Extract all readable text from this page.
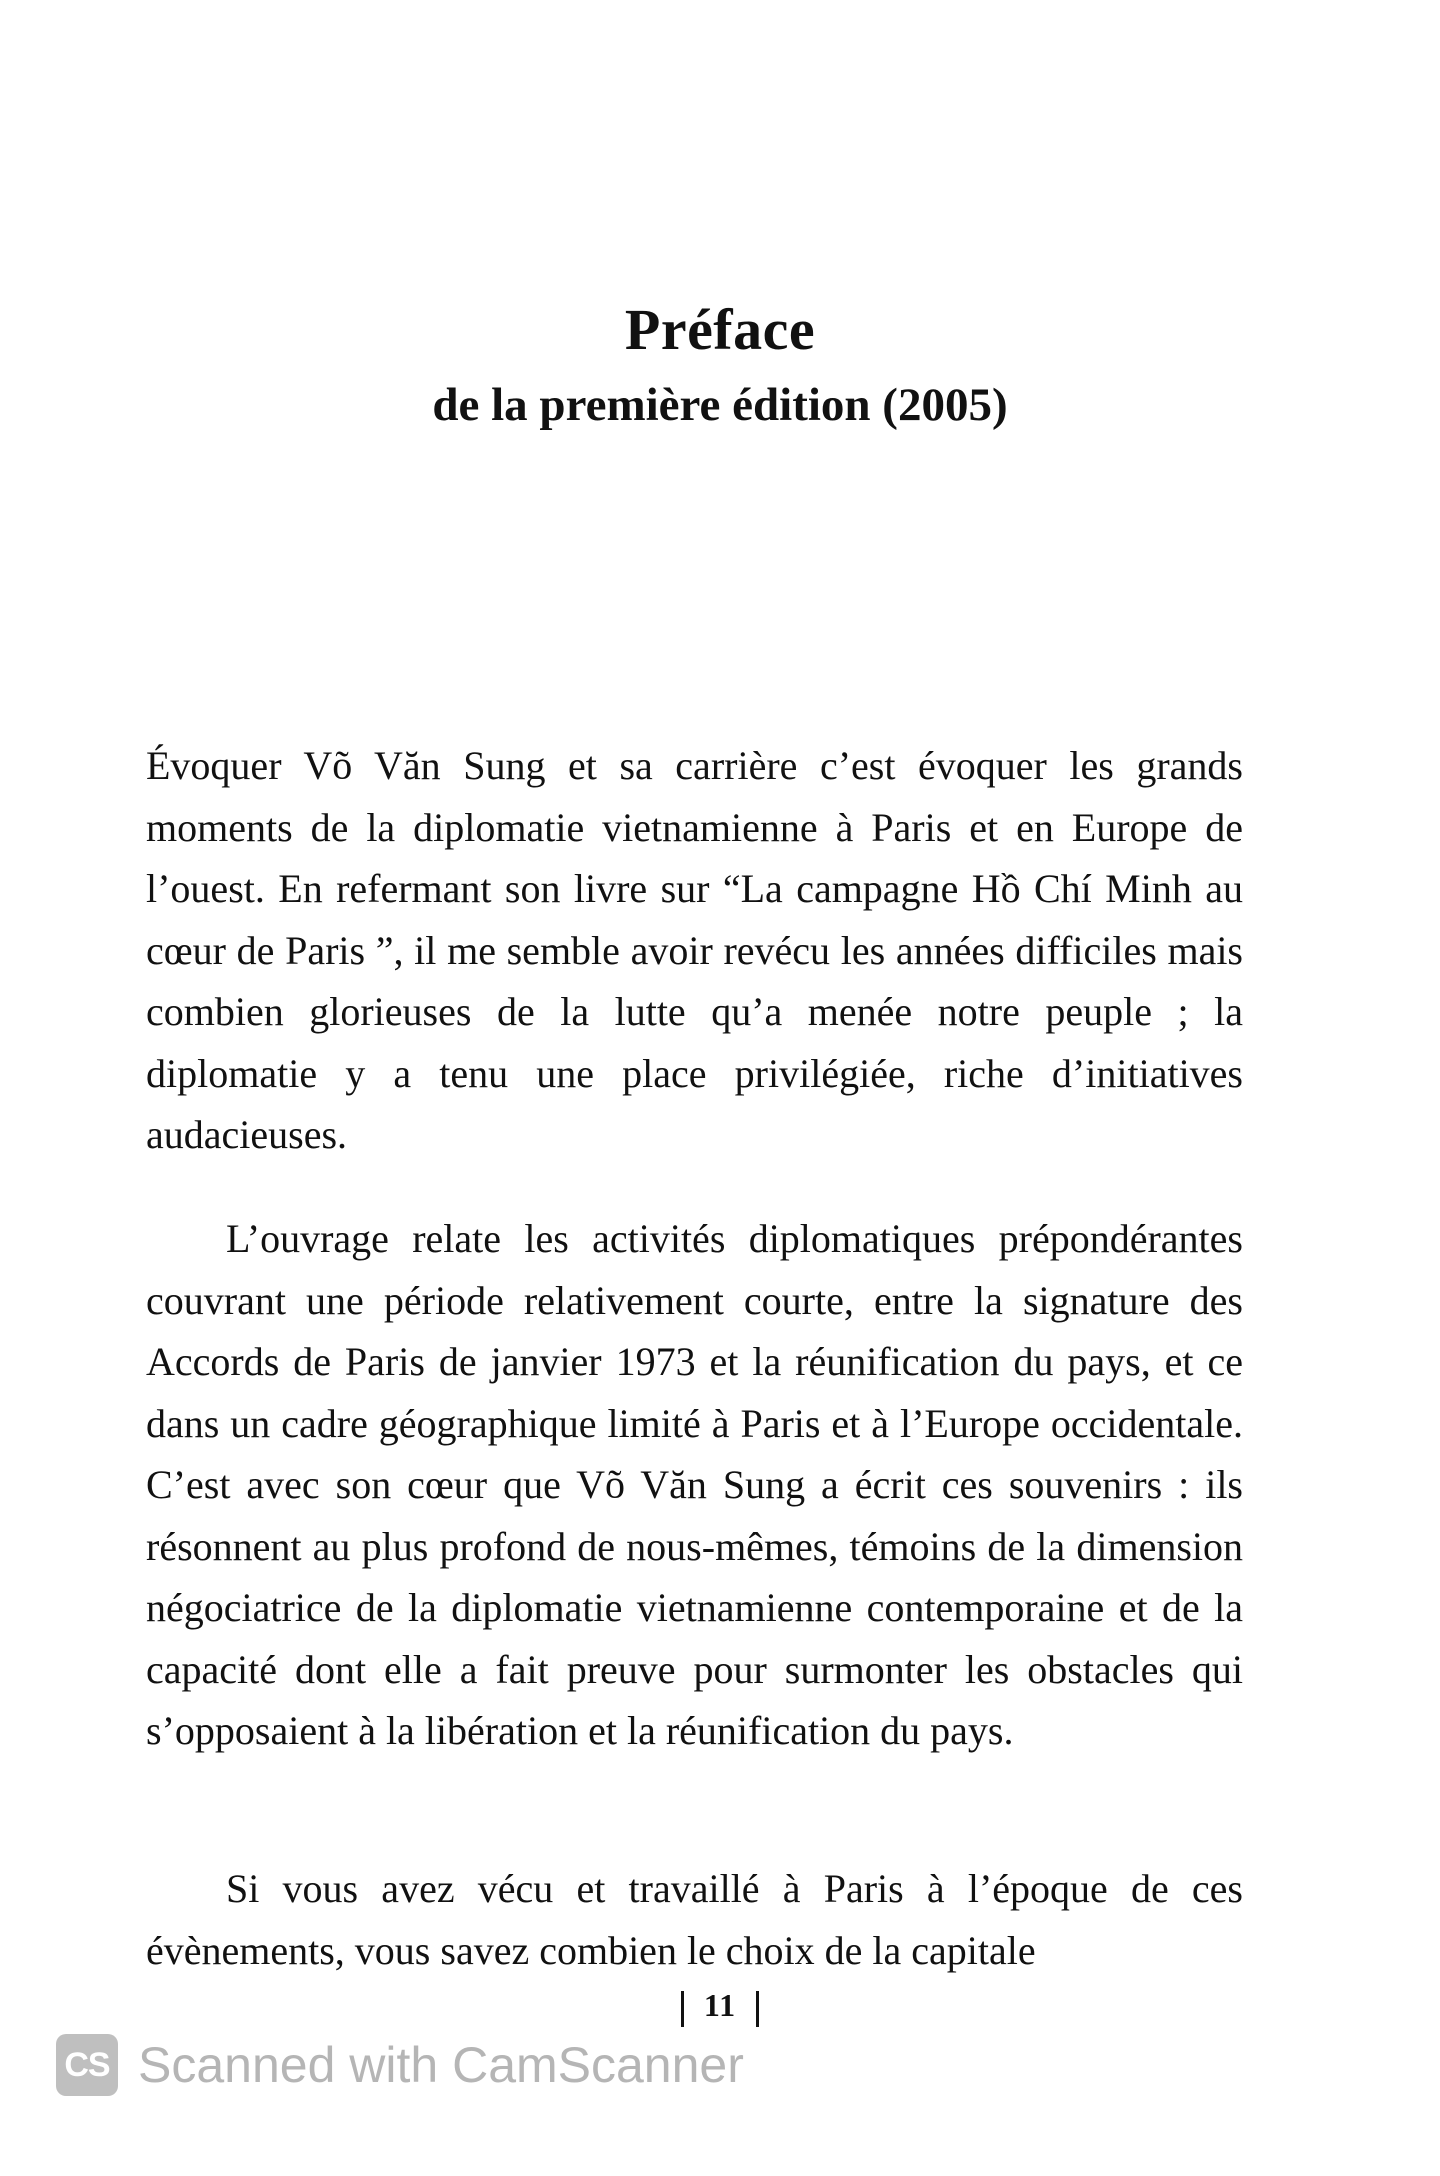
Préface
de la première édition (2005)

Évoquer Võ Văn Sung et sa carrière c’est évoquer les grands moments de la diplomatie vietnamienne à Paris et en Europe de l’ouest. En refermant son livre sur “La campagne Hồ Chí Minh au cœur de Paris ”, il me semble avoir revécu les années difficiles mais combien glorieuses de la lutte qu’a menée notre peuple ; la diplomatie y a tenu une place privilégiée, riche d’initiatives audacieuses.

L’ouvrage relate les activités diplomatiques prépondérantes couvrant une période relativement courte, entre la signature des Accords de Paris de janvier 1973 et la réunification du pays, et ce dans un cadre géographique limité à Paris et à l’Europe occidentale. C’est avec son cœur que Võ Văn Sung a écrit ces souvenirs : ils résonnent au plus profond de nous-mêmes, témoins de la dimension négociatrice de la diplomatie vietnamienne contemporaine et de la capacité dont elle a fait preuve pour surmonter les obstacles qui s’opposaient à la libération et la réunification du pays.

Si vous avez vécu et travaillé à Paris à l’époque de ces évènements, vous savez combien le choix de la capitale

11
CS Scanned with CamScanner
